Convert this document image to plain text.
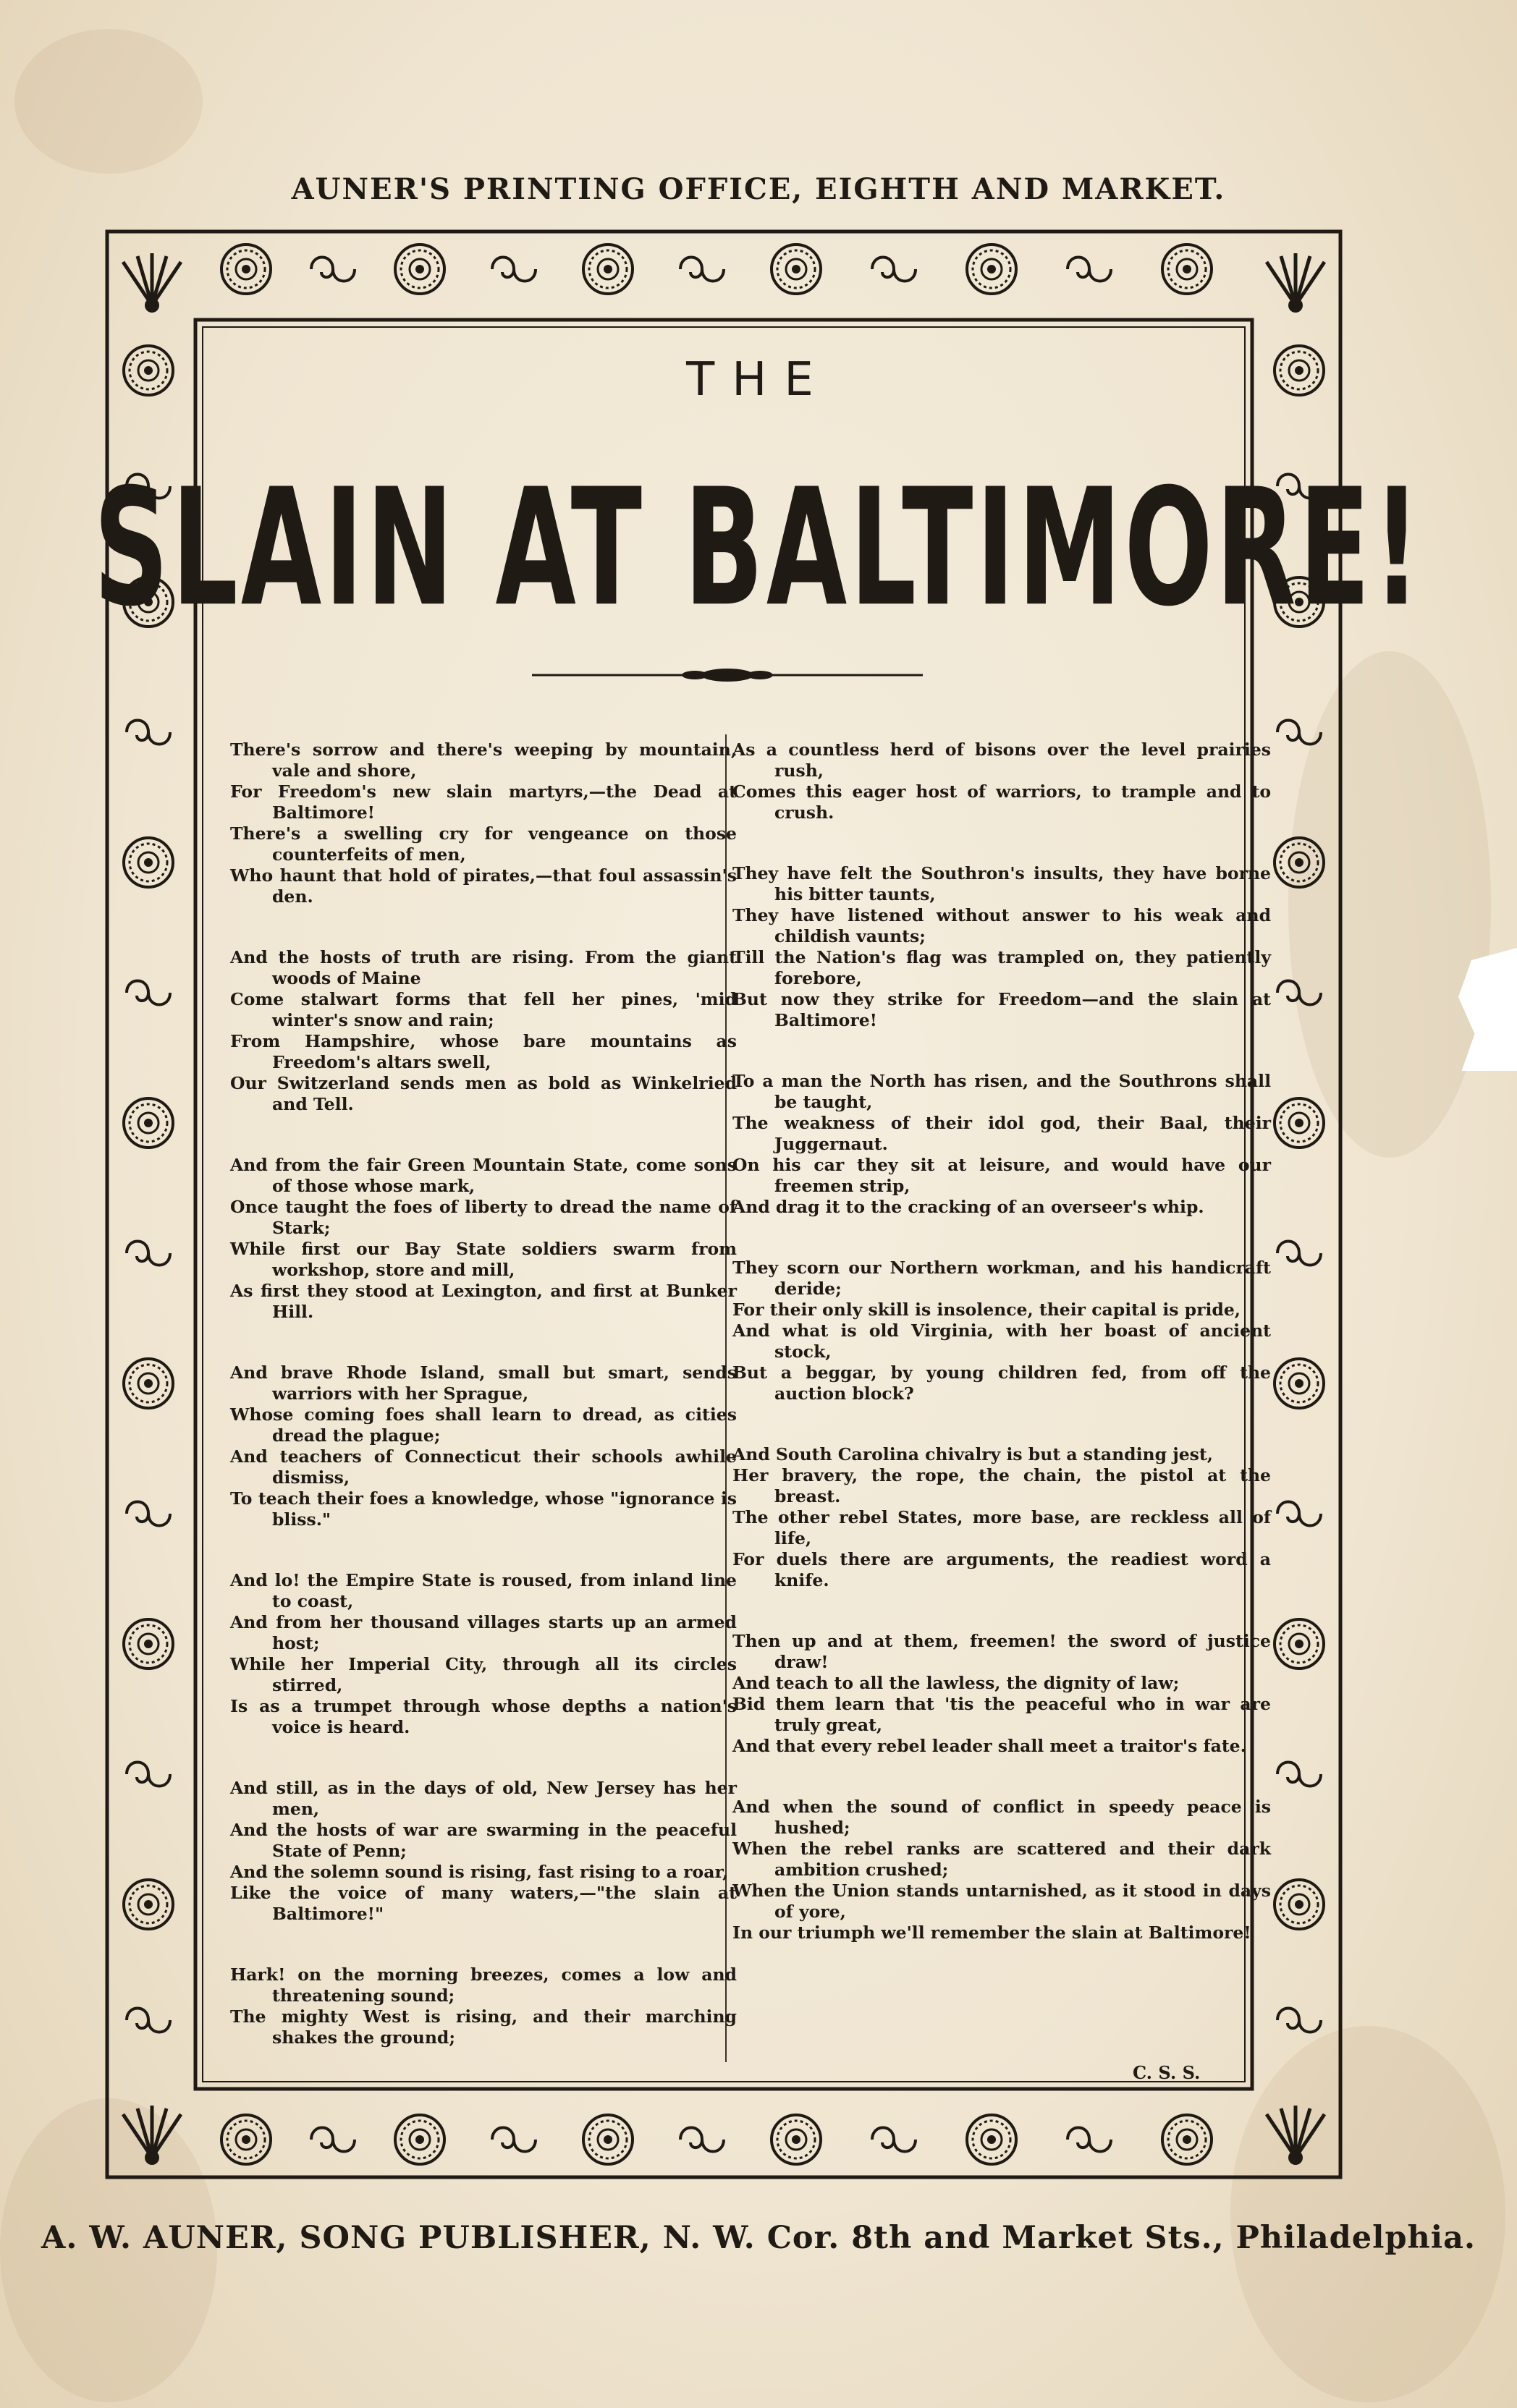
AUNER'S PRINTING OFFICE, EIGHTH AND MARKET.
THE
SLAIN AT BALTIMORE!
There's sorrow and there's weeping by mountain, vale and shore,
For Freedom's new slain martyrs,—the Dead at Baltimore!
There's a swelling cry for vengeance on those counterfeits of men,
Who haunt that hold of pirates,—that foul assassin's den.
And the hosts of truth are rising. From the giant woods of Maine
Come stalwart forms that fell her pines, 'mid winter's snow and rain;
From Hampshire, whose bare mountains as Freedom's altars swell,
Our Switzerland sends men as bold as Winkelried and Tell.
And from the fair Green Mountain State, come sons of those whose mark,
Once taught the foes of liberty to dread the name of Stark;
While first our Bay State soldiers swarm from workshop, store and mill,
As first they stood at Lexington, and first at Bunker Hill.
And brave Rhode Island, small but smart, sends warriors with her Sprague,
Whose coming foes shall learn to dread, as cities dread the plague;
And teachers of Connecticut their schools awhile dismiss,
To teach their foes a knowledge, whose "ignorance is bliss."
And lo! the Empire State is roused, from inland line to coast,
And from her thousand villages starts up an armed host;
While her Imperial City, through all its circles stirred,
Is as a trumpet through whose depths a nation's voice is heard.
And still, as in the days of old, New Jersey has her men,
And the hosts of war are swarming in the peaceful State of Penn;
And the solemn sound is rising, fast rising to a roar,
Like the voice of many waters,—"the slain at Baltimore!"
Hark! on the morning breezes, comes a low and threatening sound;
The mighty West is rising, and their marching shakes the ground;
As a countless herd of bisons over the level prairies rush,
Comes this eager host of warriors, to trample and to crush.
They have felt the Southron's insults, they have borne his bitter taunts,
They have listened without answer to his weak and childish vaunts;
Till the Nation's flag was trampled on, they patiently forebore,
But now they strike for Freedom—and the slain at Baltimore!
To a man the North has risen, and the Southrons shall be taught,
The weakness of their idol god, their Baal, their Juggernaut.
On his car they sit at leisure, and would have our freemen strip,
And drag it to the cracking of an overseer's whip.
They scorn our Northern workman, and his handicraft deride;
For their only skill is insolence, their capital is pride,
And what is old Virginia, with her boast of ancient stock,
But a beggar, by young children fed, from off the auction block?
And South Carolina chivalry is but a standing jest,
Her bravery, the rope, the chain, the pistol at the breast.
The other rebel States, more base, are reckless all of life,
For duels there are arguments, the readiest word a knife.
Then up and at them, freemen! the sword of justice draw!
And teach to all the lawless, the dignity of law;
Bid them learn that 'tis the peaceful who in war are truly great,
And that every rebel leader shall meet a traitor's fate.
And when the sound of conflict in speedy peace is hushed;
When the rebel ranks are scattered and their dark ambition crushed;
When the Union stands untarnished, as it stood in days of yore,
In our triumph we'll remember the slain at Baltimore!
C. S. S.
A. W. AUNER, SONG PUBLISHER, N. W. Cor. 8th and Market Sts., Philadelphia.
